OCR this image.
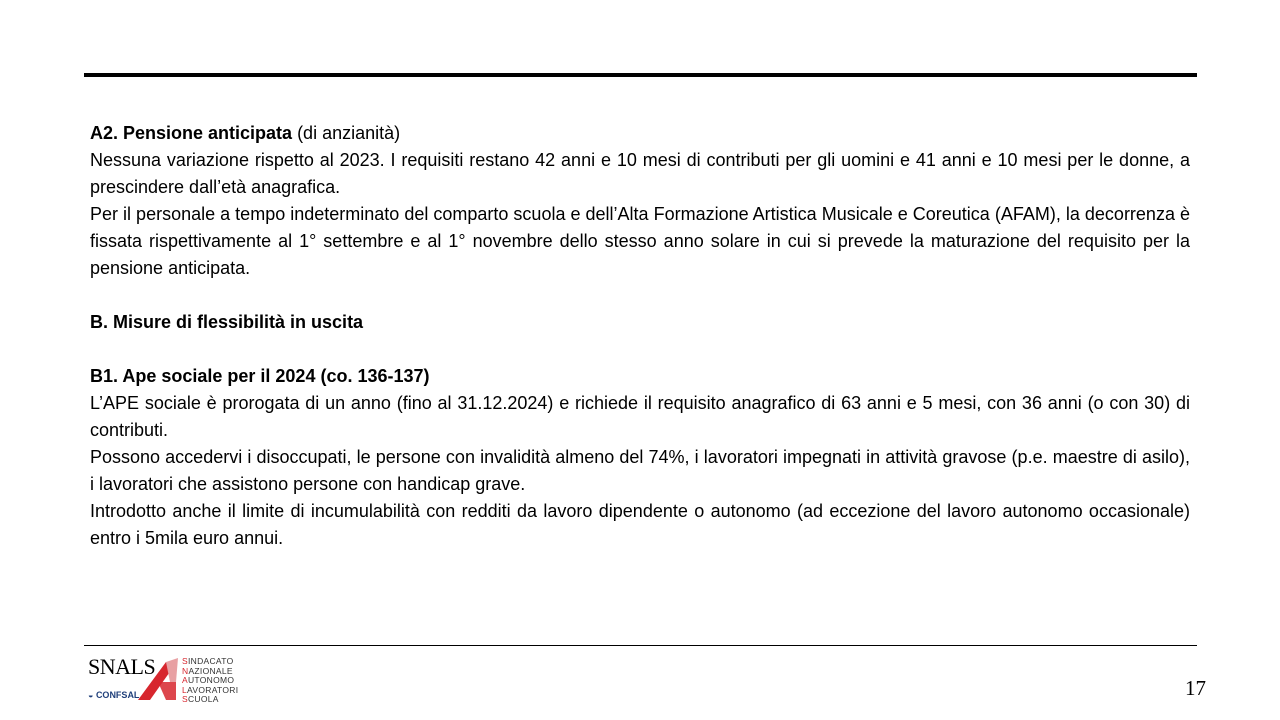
A2. Pensione anticipata (di anzianità)

Nessuna variazione rispetto al 2023. I requisiti restano 42 anni e 10 mesi di contributi per gli uomini e 41 anni e 10 mesi per le donne, a prescindere dall’età anagrafica.

Per il personale a tempo indeterminato del comparto scuola e dell’Alta Formazione Artistica Musicale e Coreutica (AFAM), la decorrenza è fissata rispettivamente al 1° settembre e al 1° novembre dello stesso anno solare in cui si prevede la maturazione del requisito per la pensione anticipata.

B. Misure di flessibilità in uscita

B1. Ape sociale per il 2024 (co. 136-137)

L’APE sociale è prorogata di un anno (fino al 31.12.2024) e richiede il requisito anagrafico di 63 anni e 5 mesi, con 36 anni (o con 30) di contributi.

Possono accedervi i disoccupati, le persone con invalidità almeno del 74%, i lavoratori impegnati in attività gravose (p.e. maestre di asilo), i lavoratori che assistono persone con handicap grave.

Introdotto anche il limite di incumulabilità con redditi da lavoro dipendente o autonomo (ad eccezione del lavoro autonomo occasionale) entro i 5mila euro annui.

SNALS
◒ CONFSAL
SINDACATO
NAZIONALE
AUTONOMO
LAVORATORI
SCUOLA	17
